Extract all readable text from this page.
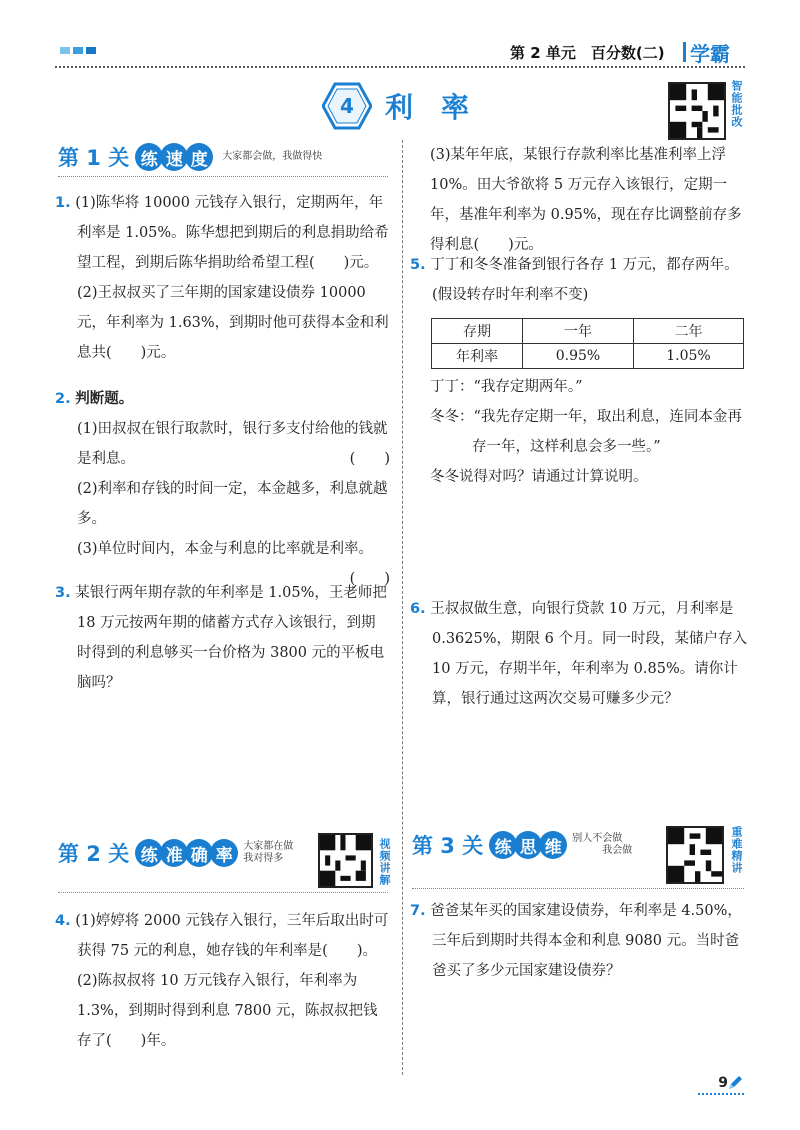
第 2 单元　百分数(二) 学霸
4 利率	智能批改
第 1 关 练 速 度	大家都会做，我做得快

1. (1)陈华将 10000 元钱存入银行，定期两年，年利率是 1.05%。陈华想把到期后的利息捐助给希望工程，到期后陈华捐助给希望工程(　　)元。

(2)王叔叔买了三年期的国家建设债券 10000 元，年利率为 1.63%，到期时他可获得本金和利息共(　　)元。

2. 判断题。

(1)田叔叔在银行取款时，银行多支付给他的钱就是利息。	(　　)

(2)利率和存钱的时间一定，本金越多，利息就越多。

(3)单位时间内，本金与利息的比率就是利率。

(　　)

3. 某银行两年期存款的年利率是 1.05%，王老师把 18 万元按两年期的储蓄方式存入该银行，到期时得到的利息够买一台价格为 3800 元的平板电脑吗？

第 2 关 练 准 确 率	大家都在做
我对得多	视频讲解

4. (1)婷婷将 2000 元钱存入银行，三年后取出时可获得 75 元的利息，她存钱的年利率是(　　)。

(2)陈叔叔将 10 万元钱存入银行，年利率为 1.3%，到期时得到利息 7800 元，陈叔叔把钱存了(　　)年。

(3)某年年底，某银行存款利率比基准利率上浮 10%。田大爷欲将 5 万元存入该银行，定期一年，基准年利率为 0.95%，现在存比调整前存多得利息(　　)元。

5. 丁丁和冬冬准备到银行各存 1 万元，都存两年。(假设转存时年利率不变)

存期	一年	二年
年利率	0.95%	1.05%

丁丁：“我存定期两年。”

冬冬：“我先存定期一年，取出利息，连同本金再存一年，这样利息会多一些。”

冬冬说得对吗？请通过计算说明。

6. 王叔叔做生意，向银行贷款 10 万元，月利率是 0.3625%，期限 6 个月。同一时段，某储户存入 10 万元，存期半年，年利率为 0.85%。请你计算，银行通过这两次交易可赚多少元？

第 3 关 练 思 维	别人不会做
我会做	重难精讲

7. 爸爸某年买的国家建设债券，年利率是 4.50%，三年后到期时共得本金和利息 9080 元。当时爸爸买了多少元国家建设债券？

9
